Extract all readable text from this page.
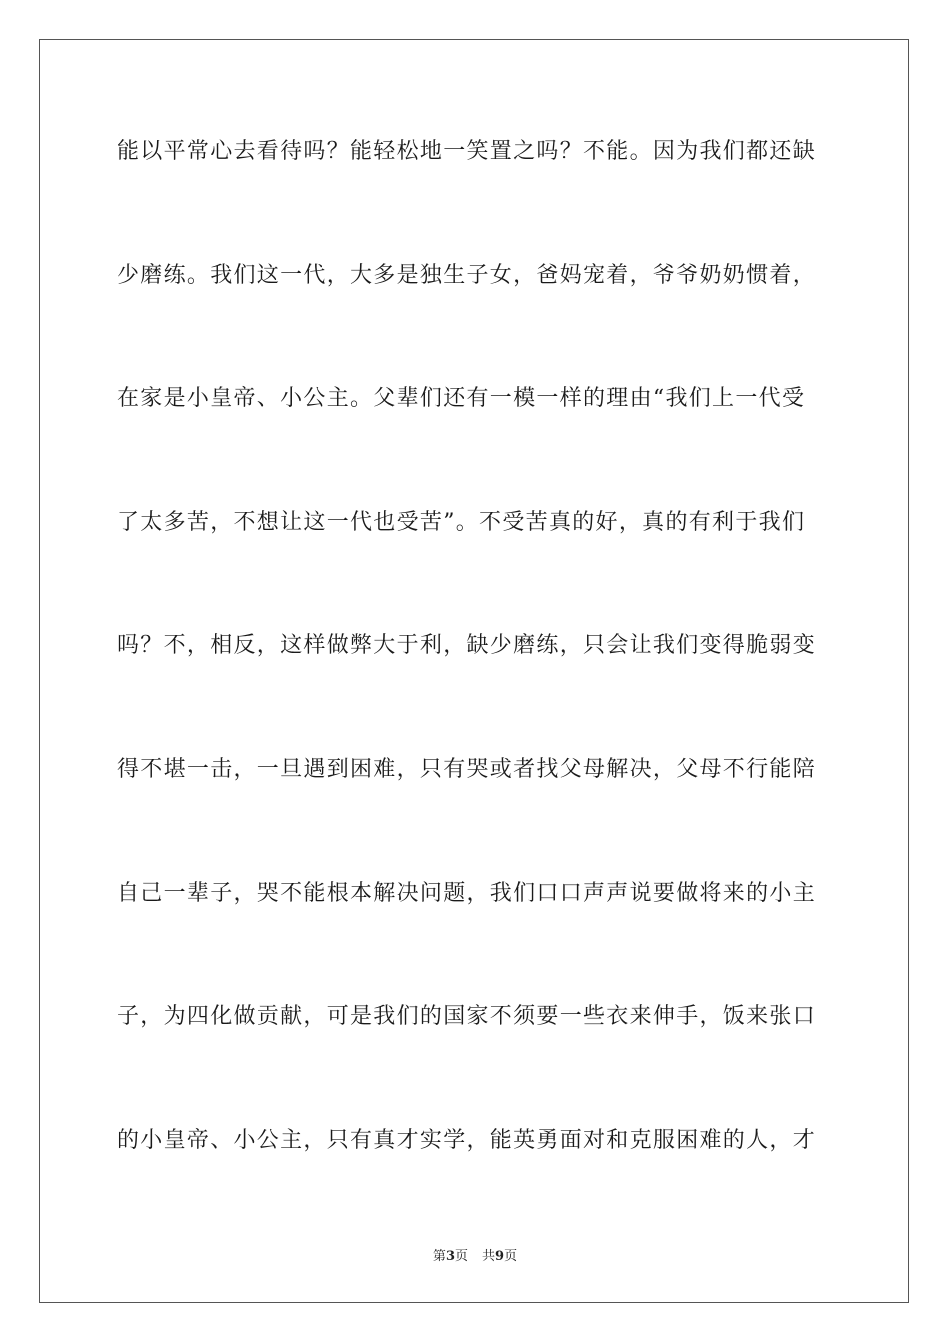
能以平常心去看待吗？能轻松地一笑置之吗？不能。因为我们都还缺
少磨练。我们这一代，大多是独生子女，爸妈宠着，爷爷奶奶惯着，
在家是小皇帝、小公主。父辈们还有一模一样的理由“我们上一代受
了太多苦，不想让这一代也受苦”。不受苦真的好，真的有利于我们
吗？不，相反，这样做弊大于利，缺少磨练，只会让我们变得脆弱变
得不堪一击，一旦遇到困难，只有哭或者找父母解决，父母不行能陪
自己一辈子，哭不能根本解决问题，我们口口声声说要做将来的小主
子，为四化做贡献，可是我们的国家不须要一些衣来伸手，饭来张口
的小皇帝、小公主，只有真才实学，能英勇面对和克服困难的人，才
第3页 共9页
